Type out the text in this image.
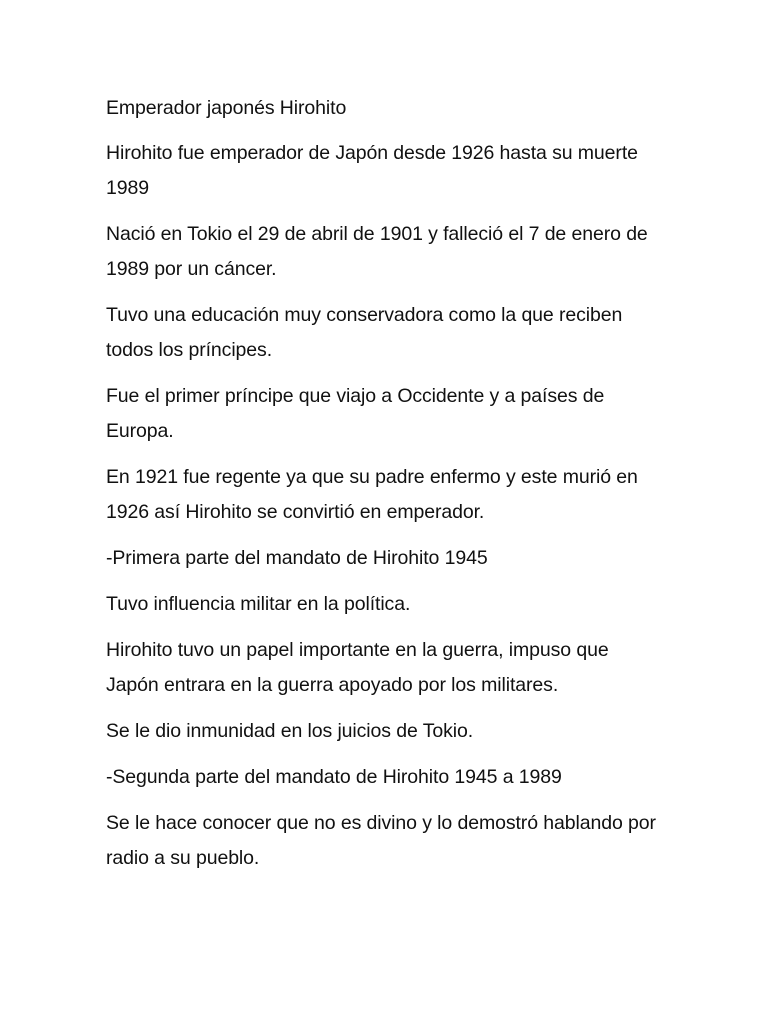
Emperador japonés Hirohito

Hirohito fue emperador de Japón desde 1926 hasta su muerte 1989

Nació en Tokio el 29 de abril de 1901 y falleció el 7 de enero de 1989 por un cáncer.

Tuvo una educación muy conservadora como la que reciben todos los príncipes.

Fue el primer príncipe que viajo a Occidente y a países de Europa.

En 1921 fue regente ya que su padre enfermo y este murió en 1926 así Hirohito se convirtió en emperador.

-Primera parte del mandato de Hirohito 1945

Tuvo influencia militar en la política.

Hirohito tuvo un papel importante en la guerra, impuso que Japón entrara en la guerra apoyado por los militares.

Se le dio inmunidad en los juicios de Tokio.

-Segunda parte del mandato de Hirohito 1945 a 1989

Se le hace conocer que no es divino y lo demostró hablando por radio a su pueblo.
